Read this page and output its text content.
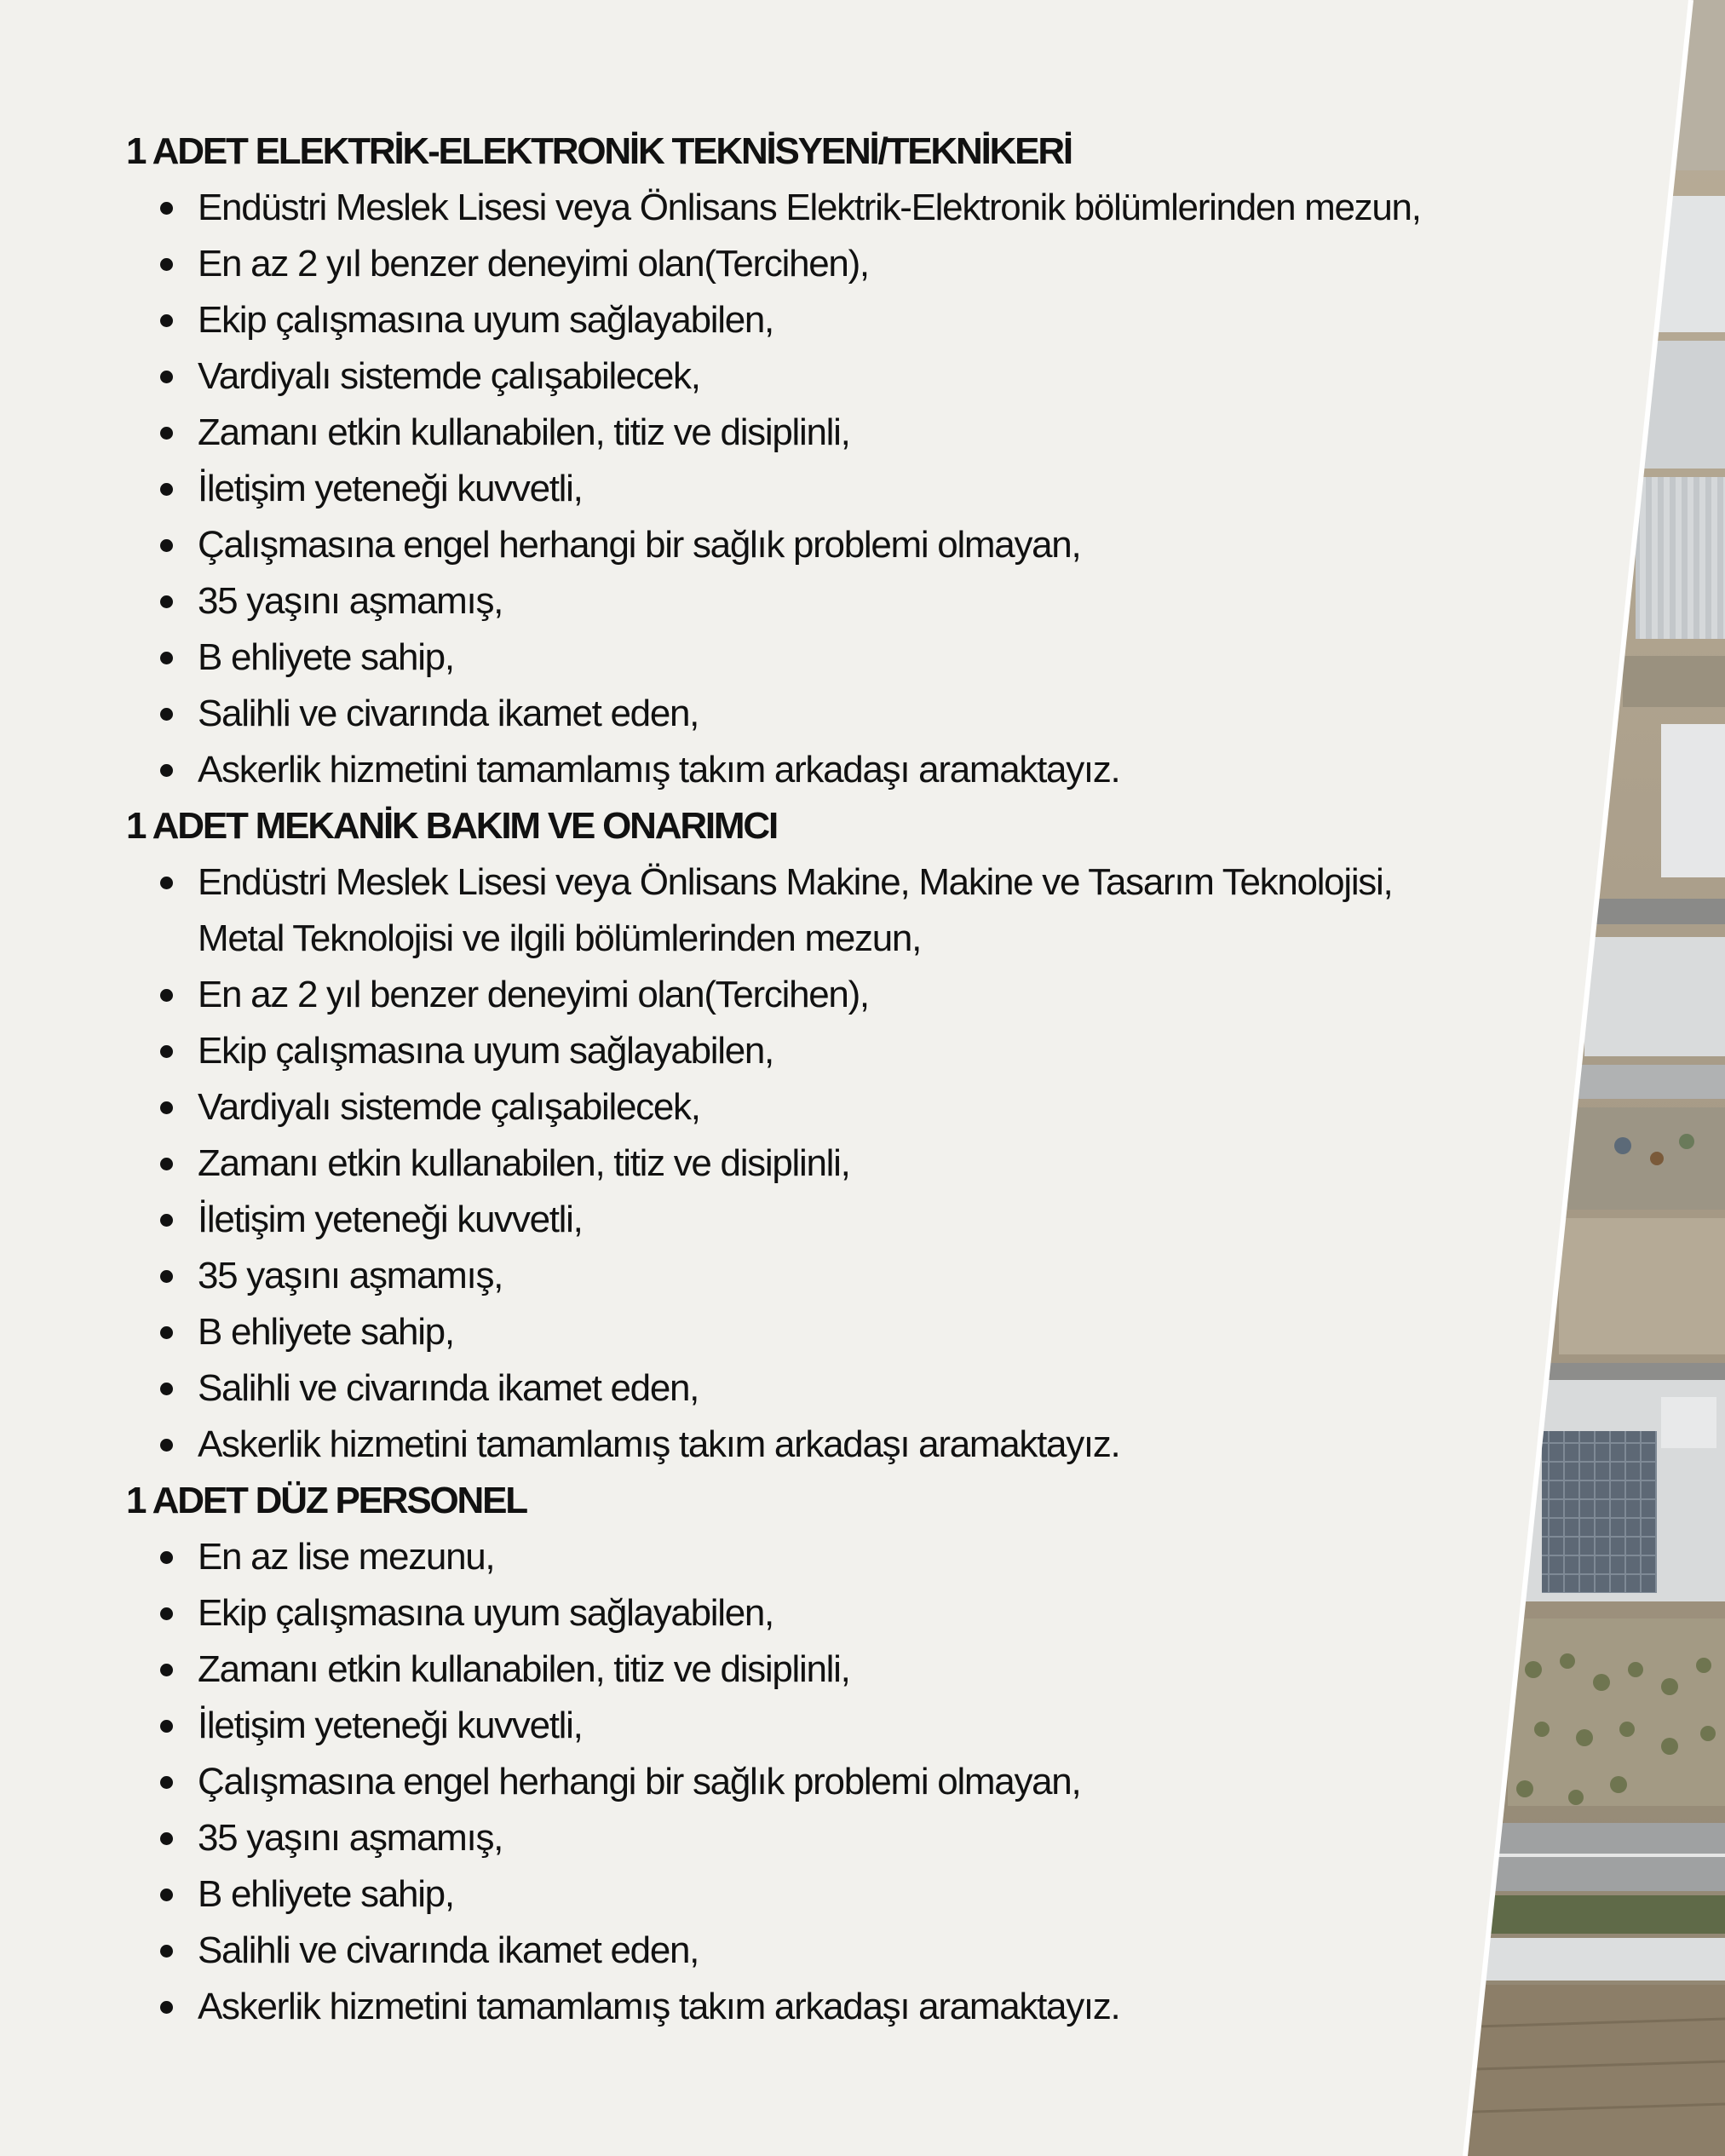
1 ADET ELEKTRİK-ELEKTRONİK TEKNİSYENİ/TEKNİKERİ
Endüstri Meslek Lisesi veya Önlisans Elektrik-Elektronik bölümlerinden mezun,
En az 2 yıl benzer deneyimi olan(Tercihen),
Ekip çalışmasına uyum sağlayabilen,
Vardiyalı sistemde çalışabilecek,
Zamanı etkin kullanabilen, titiz ve disiplinli,
İletişim yeteneği kuvvetli,
Çalışmasına engel herhangi bir sağlık problemi olmayan,
35 yaşını aşmamış,
B ehliyete sahip,
Salihli ve civarında ikamet eden,
Askerlik hizmetini tamamlamış takım arkadaşı aramaktayız.
1 ADET MEKANİK BAKIM VE ONARIMCI
Endüstri Meslek Lisesi veya Önlisans Makine, Makine ve Tasarım Teknolojisi,
Metal Teknolojisi ve ilgili bölümlerinden mezun,
En az 2 yıl benzer deneyimi olan(Tercihen),
Ekip çalışmasına uyum sağlayabilen,
Vardiyalı sistemde çalışabilecek,
Zamanı etkin kullanabilen, titiz ve disiplinli,
İletişim yeteneği kuvvetli,
35 yaşını aşmamış,
B ehliyete sahip,
Salihli ve civarında ikamet eden,
Askerlik hizmetini tamamlamış takım arkadaşı aramaktayız.
1 ADET DÜZ PERSONEL
En az lise mezunu,
Ekip çalışmasına uyum sağlayabilen,
Zamanı etkin kullanabilen, titiz ve disiplinli,
İletişim yeteneği kuvvetli,
Çalışmasına engel herhangi bir sağlık problemi olmayan,
35 yaşını aşmamış,
B ehliyete sahip,
Salihli ve civarında ikamet eden,
Askerlik hizmetini tamamlamış takım arkadaşı aramaktayız.
